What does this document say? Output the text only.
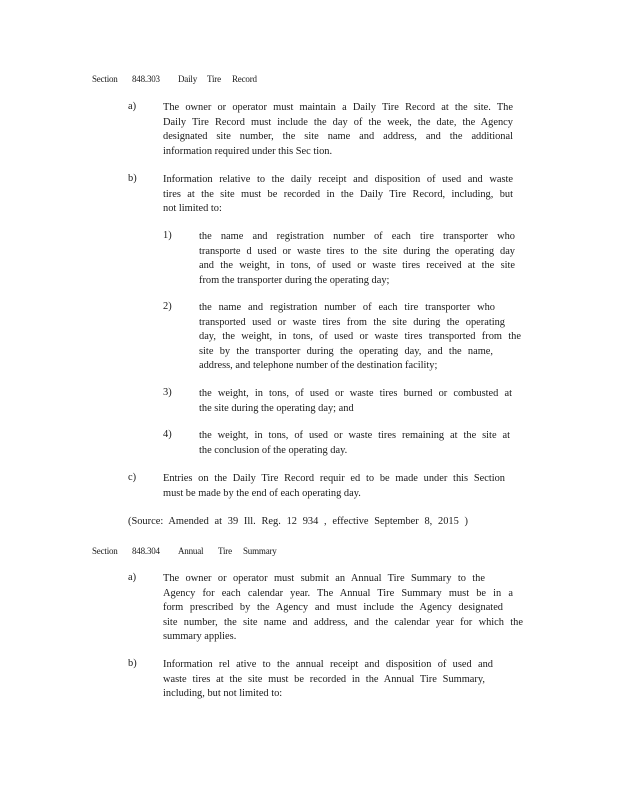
Section 848.303 Daily Tire Record
a)	The owner or operator must maintain a Daily Tire Record at the site. The
Daily Tire Record must include the day of the week, the date, the Agency
designated site number, the site name and address, and the additional
information required under this Sec tion.
b)	Information relative to the daily receipt and disposition of used and waste
tires at the site must be recorded in the Daily Tire Record, including, but
not limited to:
1)	the name and registration number of each tire transporter who
transporte d used or waste tires to the site during the operating day
and the weight, in tons, of used or waste tires received at the site
from the transporter during the operating day;
2)	the name and registration number of each tire transporter who
transported used or waste tires from the site during the operating
day, the weight, in tons, of used or waste tires transported from the
site by the transporter during the operating day, and the name,
address, and telephone number of the destination facility;
3)	the weight, in tons, of used or waste tires burned or combusted at
the site during the operating day; and
4)	the weight, in tons, of used or waste tires remaining at the site at
the conclusion of the operating day.
c)	Entries on the Daily Tire Record requir ed to be made under this Section
must be made by the end of each operating day.
(Source: Amended at 39 Ill. Reg. 12 934 , effective September 8, 2015 )
Section 848.304 Annual Tire Summary
a)	The owner or operator must submit an Annual Tire Summary to the
Agency for each calendar year. The Annual Tire Summary must be in a
form prescribed by the Agency and must include the Agency designated
site number, the site name and address, and the calendar year for which the
summary applies.
b)	Information rel ative to the annual receipt and disposition of used and
waste tires at the site must be recorded in the Annual Tire Summary,
including, but not limited to:
